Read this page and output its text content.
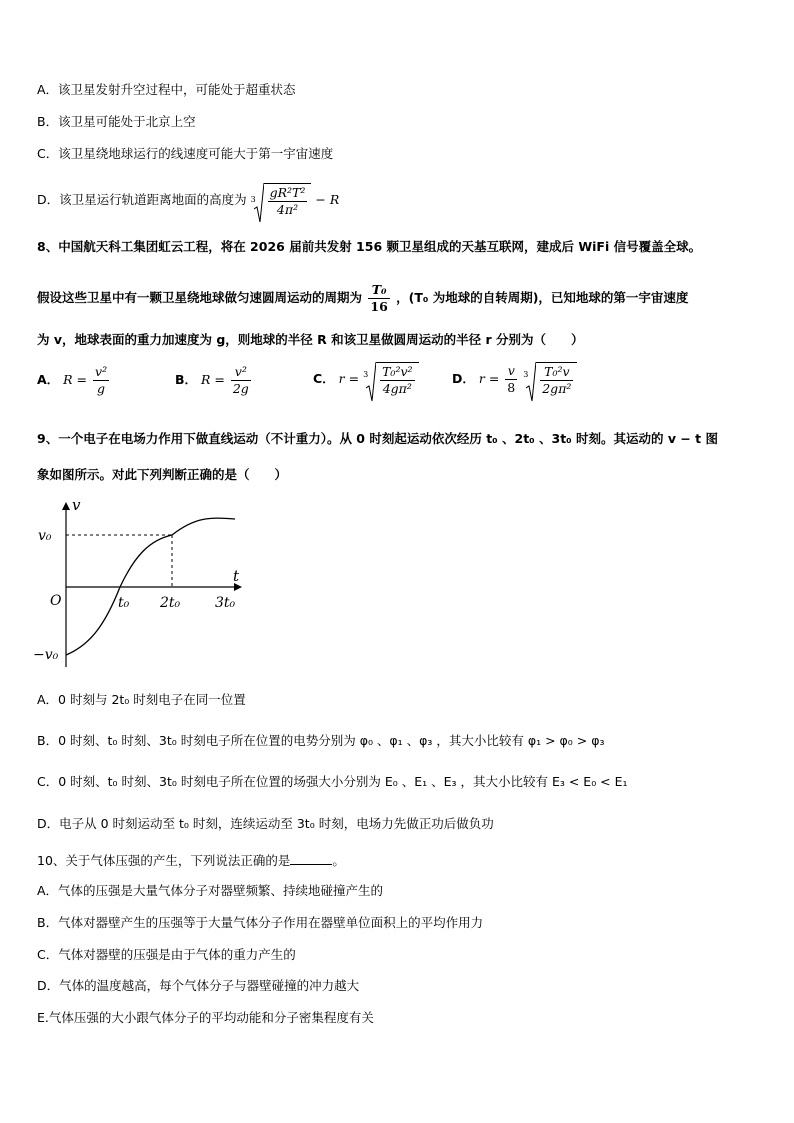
A．该卫星发射升空过程中，可能处于超重状态
B．该卫星可能处于北京上空
C．该卫星绕地球运行的线速度可能大于第一宇宙速度
D．该卫星运行轨道距离地面的高度为 $3 \frac{\text{gR²T²}}{\text{4π²}} - R$
8、中国航天科工集团虹云工程，将在 2026 届前共发射 156 颗卫星组成的天基互联网，建成后 WiFi 信号覆盖全球。
假设这些卫星中有一颗卫星绕地球做匀速圆周运动的周期为 $\frac{\text{T₀}}{16}$ ，(T₀ 为地球的自转周期)，已知地球的第一宇宙速度
为 v，地球表面的重力加速度为 g，则地球的半径 R 和该卫星做圆周运动的半径 r 分别为（　　）
A． $R = \frac{\text{v²}}{g}$	B． $R = \frac{\text{v²}}{2g}$	C． $r = 3 \frac{\text{T₀²v²}}{\text{4gπ²}}$	D． $r = \frac{v}{8}$
$3 \frac{\text{T₀²v}}{\text{2gπ²}}$
9、一个电子在电场力作用下做直线运动（不计重力）。从 0 时刻起运动依次经历 t₀ 、2t₀ 、3t₀ 时刻。其运动的 v − t 图
象如图所示。对此下列判断正确的是（　　）
v
t
O
v₀
−v₀
t₀ 2t₀ 3t₀
A．0 时刻与 2t₀ 时刻电子在同一位置
B．0 时刻、t₀ 时刻、3t₀ 时刻电子所在位置的电势分别为 φ₀ 、φ₁ 、φ₃ ，其大小比较有 φ₁ > φ₀ > φ₃
C．0 时刻、t₀ 时刻、3t₀ 时刻电子所在位置的场强大小分别为 E₀ 、E₁ 、E₃ ，其大小比较有 E₃ < E₀ < E₁
D．电子从 0 时刻运动至 t₀ 时刻，连续运动至 3t₀ 时刻，电场力先做正功后做负功
10、关于气体压强的产生，下列说法正确的是	。
A．气体的压强是大量气体分子对器壁频繁、持续地碰撞产生的
B．气体对器壁产生的压强等于大量气体分子作用在器壁单位面积上的平均作用力
C．气体对器壁的压强是由于气体的重力产生的
D．气体的温度越高，每个气体分子与器壁碰撞的冲力越大
E.气体压强的大小跟气体分子的平均动能和分子密集程度有关
